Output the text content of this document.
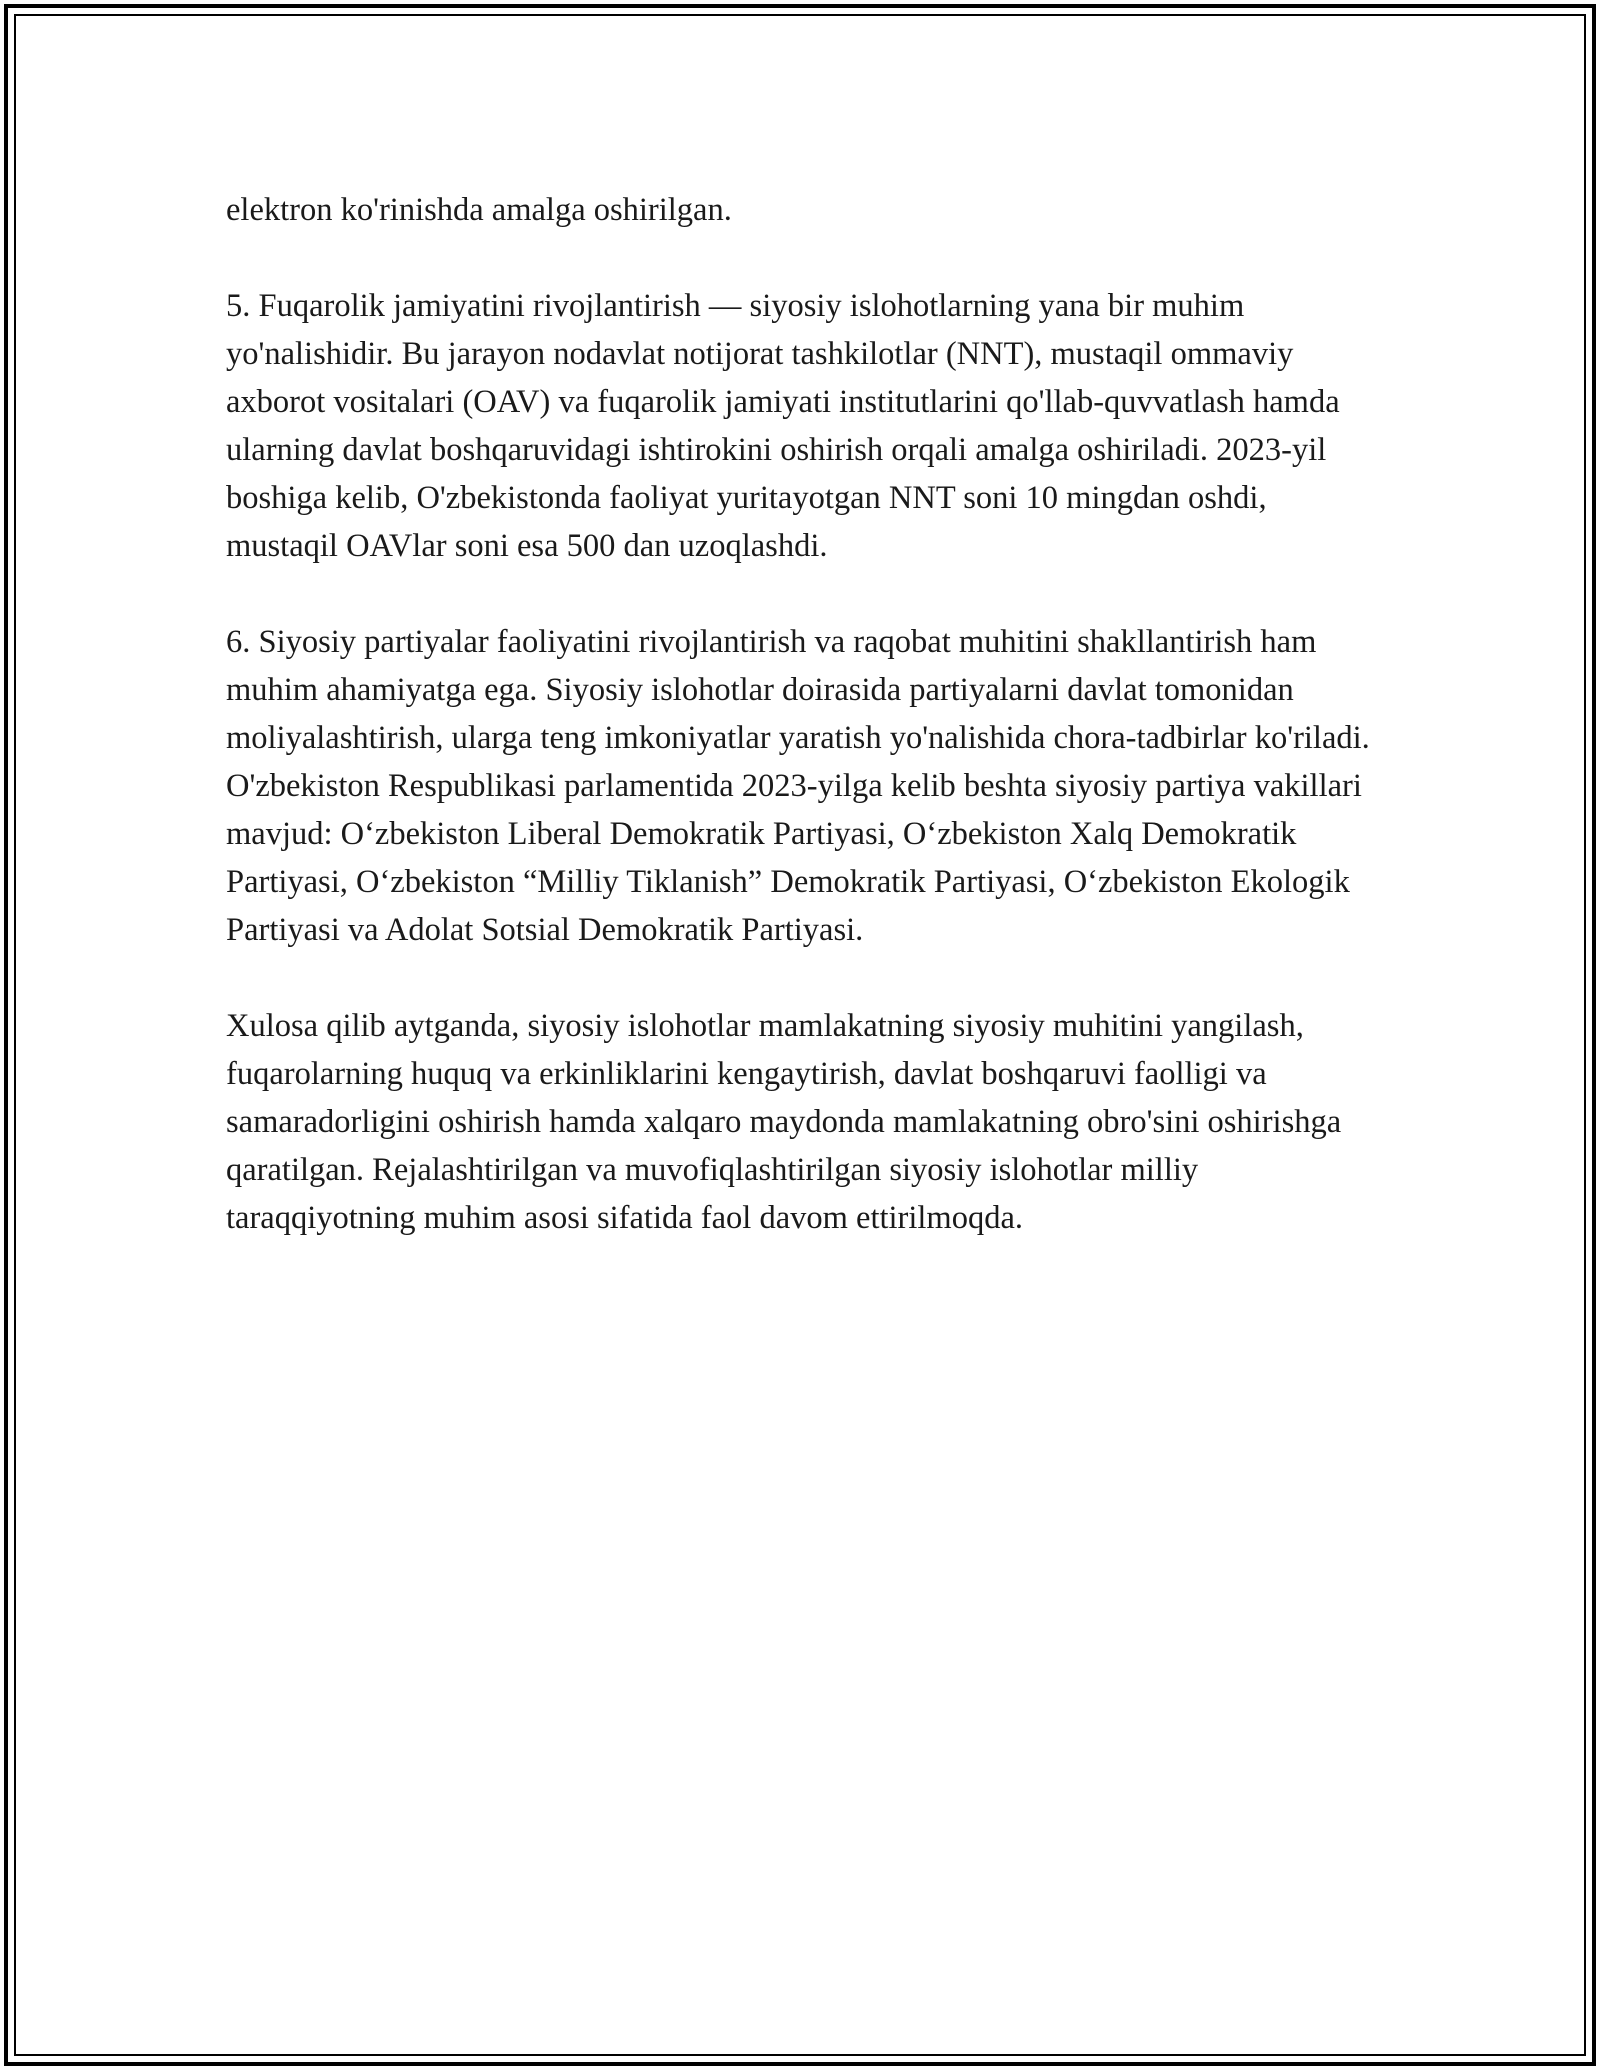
elektron ko'rinishda amalga oshirilgan.

5. Fuqarolik jamiyatini rivojlantirish — siyosiy islohotlarning yana bir muhim yo'nalishidir. Bu jarayon nodavlat notijorat tashkilotlar (NNT), mustaqil ommaviy axborot vositalari (OAV) va fuqarolik jamiyati institutlarini qo'llab-quvvatlash hamda ularning davlat boshqaruvidagi ishtirokini oshirish orqali amalga oshiriladi. 2023-yil boshiga kelib, O'zbekistonda faoliyat yuritayotgan NNT soni 10 mingdan oshdi, mustaqil OAVlar soni esa 500 dan uzoqlashdi.

6. Siyosiy partiyalar faoliyatini rivojlantirish va raqobat muhitini shakllantirish ham muhim ahamiyatga ega. Siyosiy islohotlar doirasida partiyalarni davlat tomonidan moliyalashtirish, ularga teng imkoniyatlar yaratish yo'nalishida chora-tadbirlar ko'riladi. O'zbekiston Respublikasi parlamentida 2023-yilga kelib beshta siyosiy partiya vakillari mavjud: O‘zbekiston Liberal Demokratik Partiyasi, O‘zbekiston Xalq Demokratik Partiyasi, O‘zbekiston “Milliy Tiklanish” Demokratik Partiyasi, O‘zbekiston Ekologik Partiyasi va Adolat Sotsial Demokratik Partiyasi.

Xulosa qilib aytganda, siyosiy islohotlar mamlakatning siyosiy muhitini yangilash, fuqarolarning huquq va erkinliklarini kengaytirish, davlat boshqaruvi faolligi va samaradorligini oshirish hamda xalqaro maydonda mamlakatning obro'sini oshirishga qaratilgan. Rejalashtirilgan va muvofiqlashtirilgan siyosiy islohotlar milliy taraqqiyotning muhim asosi sifatida faol davom ettirilmoqda.
